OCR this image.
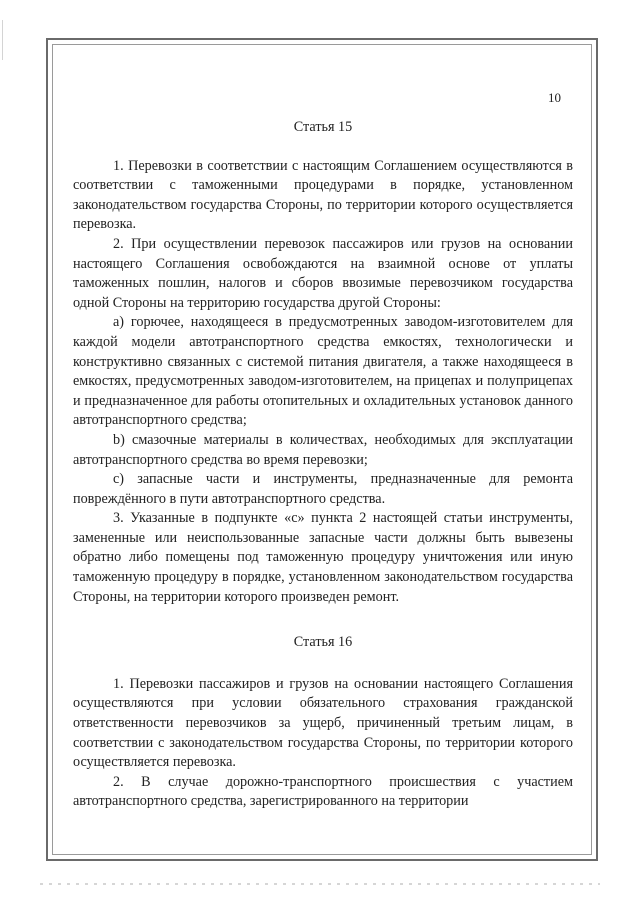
10
Статья 15

1. Перевозки в соответствии с настоящим Соглашением осуществляются в соответствии с таможенными процедурами в порядке, установленном законодательством государства Стороны, по территории которого осуществляется перевозка.

2. При осуществлении перевозок пассажиров или грузов на основании настоящего Соглашения освобождаются на взаимной основе от уплаты таможенных пошлин, налогов и сборов ввозимые перевозчиком государства одной Стороны на территорию государства другой Стороны:

a) горючее, находящееся в предусмотренных заводом-изготовителем для каждой модели автотранспортного средства емкостях, технологически и конструктивно связанных с системой питания двигателя, а также находящееся в емкостях, предусмотренных заводом-изготовителем, на прицепах и полуприцепах и предназначенное для работы отопительных и охладительных установок данного автотранспортного средства;

b) смазочные материалы в количествах, необходимых для эксплуатации автотранспортного средства во время перевозки;

c) запасные части и инструменты, предназначенные для ремонта повреждённого в пути автотранспортного средства.

3. Указанные в подпункте «с» пункта 2 настоящей статьи инструменты, замененные или неиспользованные запасные части должны быть вывезены обратно либо помещены под таможенную процедуру уничтожения или иную таможенную процедуру в порядке, установленном законодательством государства Стороны, на территории которого произведен ремонт.

Статья 16

1. Перевозки пассажиров и грузов на основании настоящего Соглашения осуществляются при условии обязательного страхования гражданской ответственности перевозчиков за ущерб, причиненный третьим лицам, в соответствии с законодательством государства Стороны, по территории которого осуществляется перевозка.

2. В случае дорожно-транспортного происшествия с участием автотранспортного средства, зарегистрированного на территории
